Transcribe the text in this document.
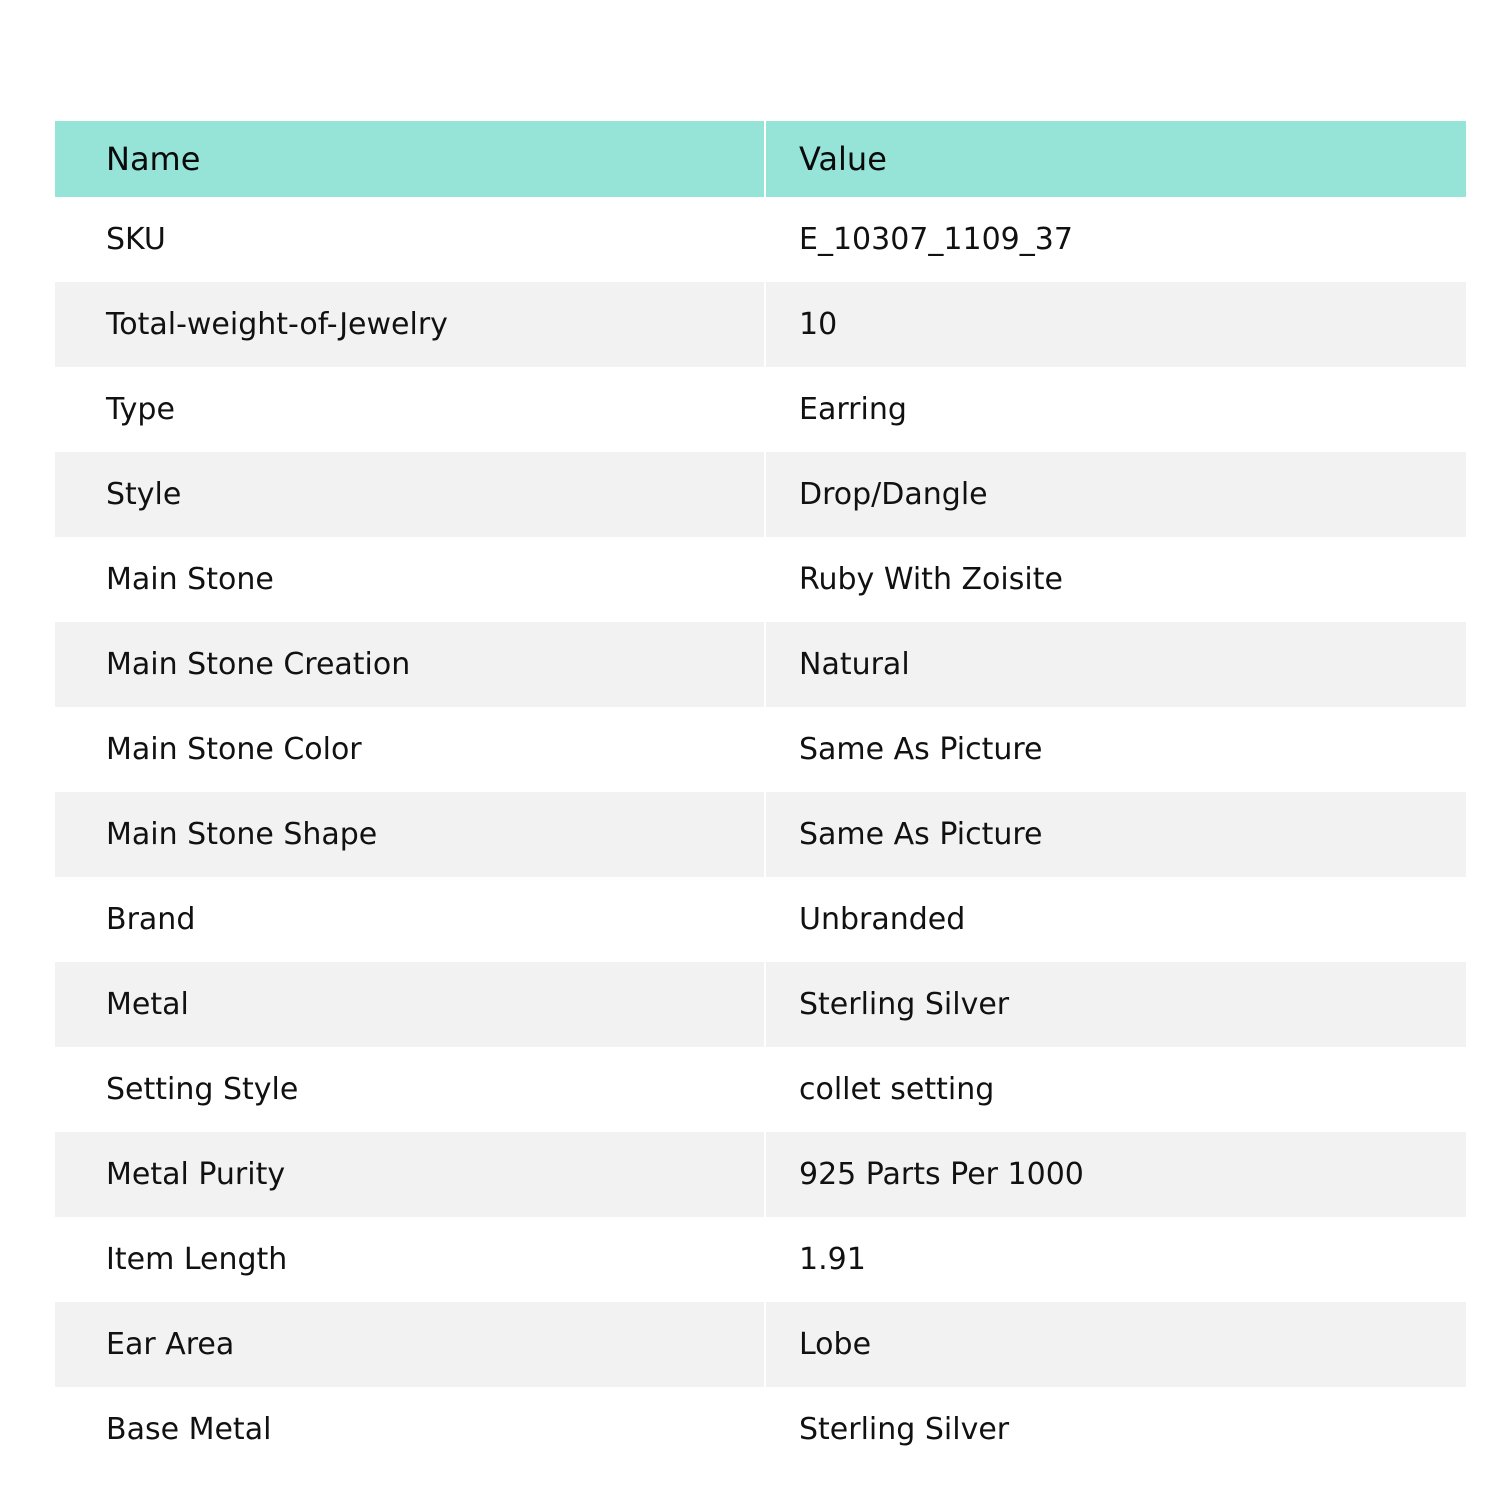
Name	Value
SKU	E_10307_1109_37
Total-weight-of-Jewelry	10
Type	Earring
Style	Drop/Dangle
Main Stone	Ruby With Zoisite
Main Stone Creation	Natural
Main Stone Color	Same As Picture
Main Stone Shape	Same As Picture
Brand	Unbranded
Metal	Sterling Silver
Setting Style	collet setting
Metal Purity	925 Parts Per 1000
Item Length	1.91
Ear Area	Lobe
Base Metal	Sterling Silver
